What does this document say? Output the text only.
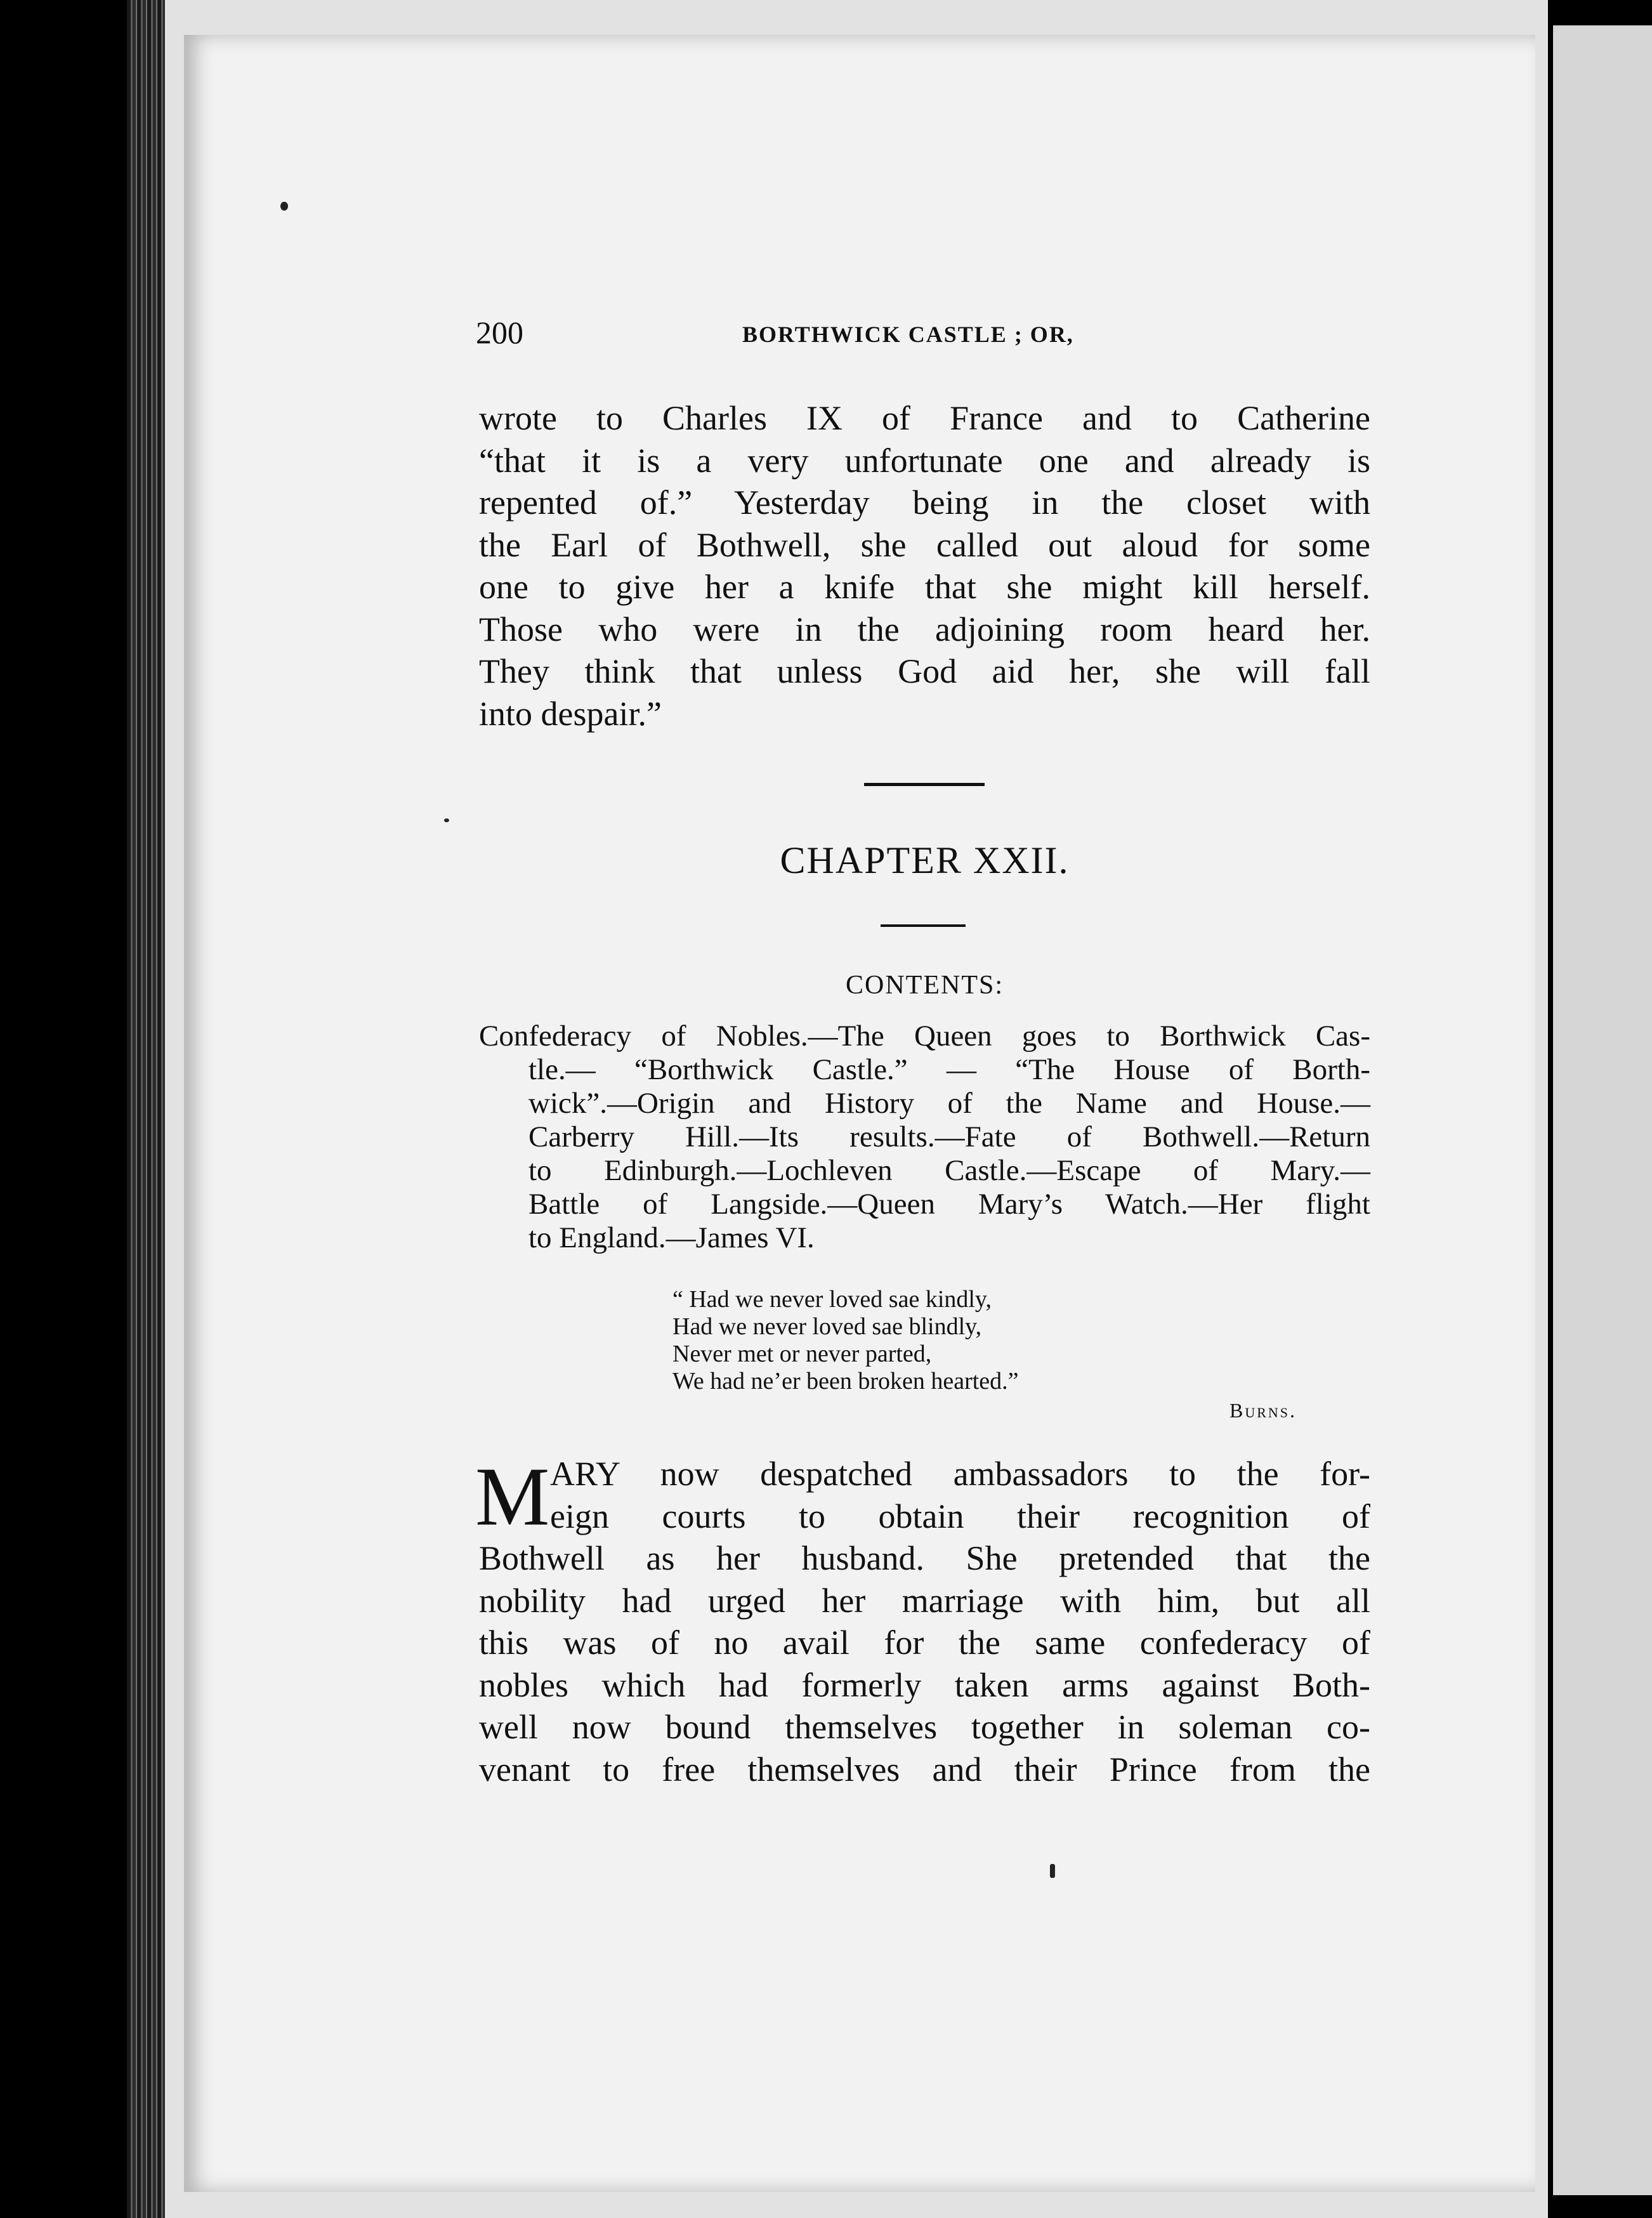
200	BORTHWICK CASTLE ; OR,
wrote to Charles IX of France and to Catherine
“that it is a very unfortunate one and already is
repented of.” Yesterday being in the closet with
the Earl of Bothwell, she called out aloud for some
one to give her a knife that she might kill herself.
Those who were in the adjoining room heard her.
They think that unless God aid her, she will fall
into despair.”
CHAPTER XXII.
CONTENTS:
Confederacy of Nobles.—The Queen goes to Borthwick Cas-
tle.— “Borthwick Castle.” — “The House of Borth-
wick”.—Origin and History of the Name and House.—
Carberry Hill.—Its results.—Fate of Bothwell.—Return
to Edinburgh.—Lochleven Castle.—Escape of Mary.—
Battle of Langside.—Queen Mary’s Watch.—Her flight
to England.—James VI.
“ Had we never loved sae kindly,
Had we never loved sae blindly,
Never met or never parted,
We had ne’er been broken hearted.”
Burns.
M ARY now despatched ambassadors to the for-
eign courts to obtain their recognition of
Bothwell as her husband. She pretended that the
nobility had urged her marriage with him, but all
this was of no avail for the same confederacy of
nobles which had formerly taken arms against Both-
well now bound themselves together in soleman co-
venant to free themselves and their Prince from the
